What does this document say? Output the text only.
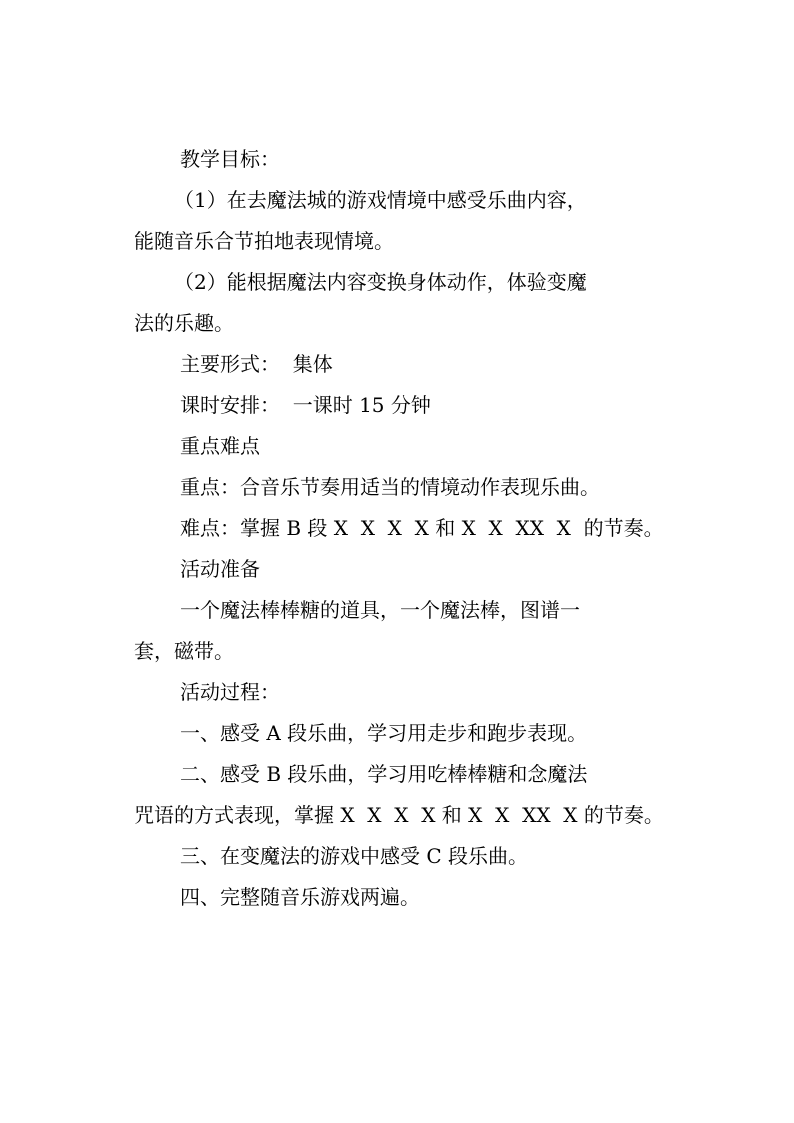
教学目标：
（1）在去魔法城的游戏情境中感受乐曲内容，
能随音乐合节拍地表现情境。
（2）能根据魔法内容变换身体动作，体验变魔
法的乐趣。
主要形式：  集体
课时安排：  一课时 15 分钟
重点难点
重点：合音乐节奏用适当的情境动作表现乐曲。
难点：掌握 B 段 X  X  X  X 和 X  X  XX  X  的节奏。
活动准备
一个魔法棒棒糖的道具，一个魔法棒，图谱一
套，磁带。
活动过程：
一、感受 A 段乐曲，学习用走步和跑步表现。
二、感受 B 段乐曲，学习用吃棒棒糖和念魔法
咒语的方式表现，掌握 X  X  X  X 和 X  X  XX  X 的节奏。
三、在变魔法的游戏中感受 C 段乐曲。
四、完整随音乐游戏两遍。
